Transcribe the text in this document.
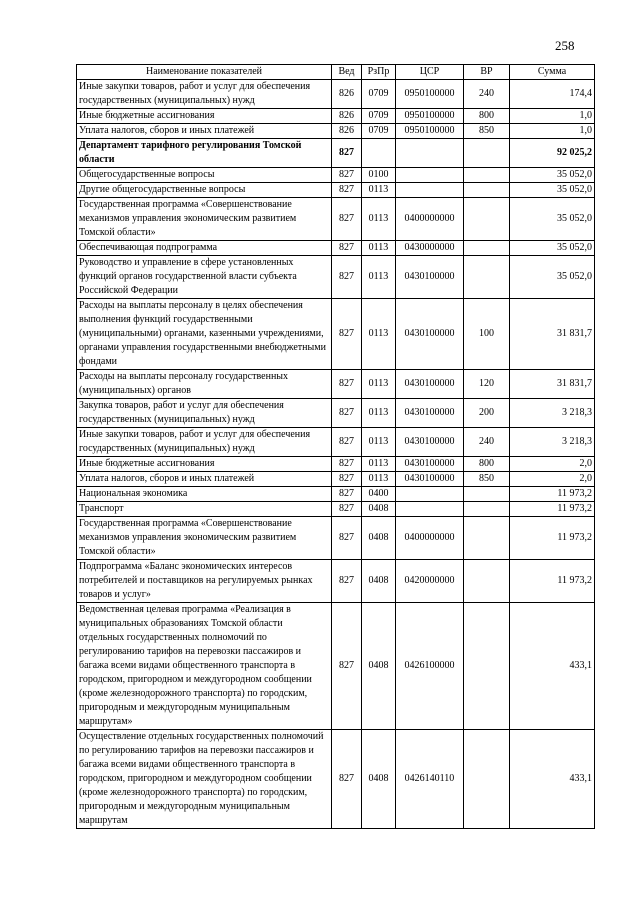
258
Наименование показателей	Вед	РзПр	ЦСР	ВР	Сумма
Иные закупки товаров, работ и услуг для обеспечения государственных (муниципальных) нужд	826	0709	0950100000	240	174,4
Иные бюджетные ассигнования	826	0709	0950100000	800	1,0
Уплата налогов, сборов и иных платежей	826	0709	0950100000	850	1,0
Департамент тарифного регулирования Томской области	827				92 025,2
Общегосударственные вопросы	827	0100			35 052,0
Другие общегосударственные вопросы	827	0113			35 052,0
Государственная программа «Совершенствование механизмов управления экономическим развитием Томской области»	827	0113	0400000000		35 052,0
Обеспечивающая подпрограмма	827	0113	0430000000		35 052,0
Руководство и управление в сфере установленных функций органов государственной власти субъекта Российской Федерации	827	0113	0430100000		35 052,0
Расходы на выплаты персоналу в целях обеспечения выполнения функций государственными (муниципальными) органами, казенными учреждениями, органами управления государственными внебюджетными фондами	827	0113	0430100000	100	31 831,7
Расходы на выплаты персоналу государственных (муниципальных) органов	827	0113	0430100000	120	31 831,7
Закупка товаров, работ и услуг для обеспечения государственных (муниципальных) нужд	827	0113	0430100000	200	3 218,3
Иные закупки товаров, работ и услуг для обеспечения государственных (муниципальных) нужд	827	0113	0430100000	240	3 218,3
Иные бюджетные ассигнования	827	0113	0430100000	800	2,0
Уплата налогов, сборов и иных платежей	827	0113	0430100000	850	2,0
Национальная экономика	827	0400			11 973,2
Транспорт	827	0408			11 973,2
Государственная программа «Совершенствование механизмов управления экономическим развитием Томской области»	827	0408	0400000000		11 973,2
Подпрограмма «Баланс экономических интересов потребителей и поставщиков на регулируемых рынках товаров и услуг»	827	0408	0420000000		11 973,2
Ведомственная целевая программа «Реализация в муниципальных образованиях Томской области отдельных государственных полномочий по регулированию тарифов на перевозки пассажиров и багажа всеми видами общественного транспорта в городском, пригородном и междугородном сообщении (кроме железнодорожного транспорта) по городским, пригородным и междугородным муниципальным маршрутам»	827	0408	0426100000		433,1
Осуществление отдельных государственных полномочий по регулированию тарифов на перевозки пассажиров и багажа всеми видами общественного транспорта в городском, пригородном и междугородном сообщении (кроме железнодорожного транспорта) по городским, пригородным и междугородным муниципальным маршрутам	827	0408	0426140110		433,1
